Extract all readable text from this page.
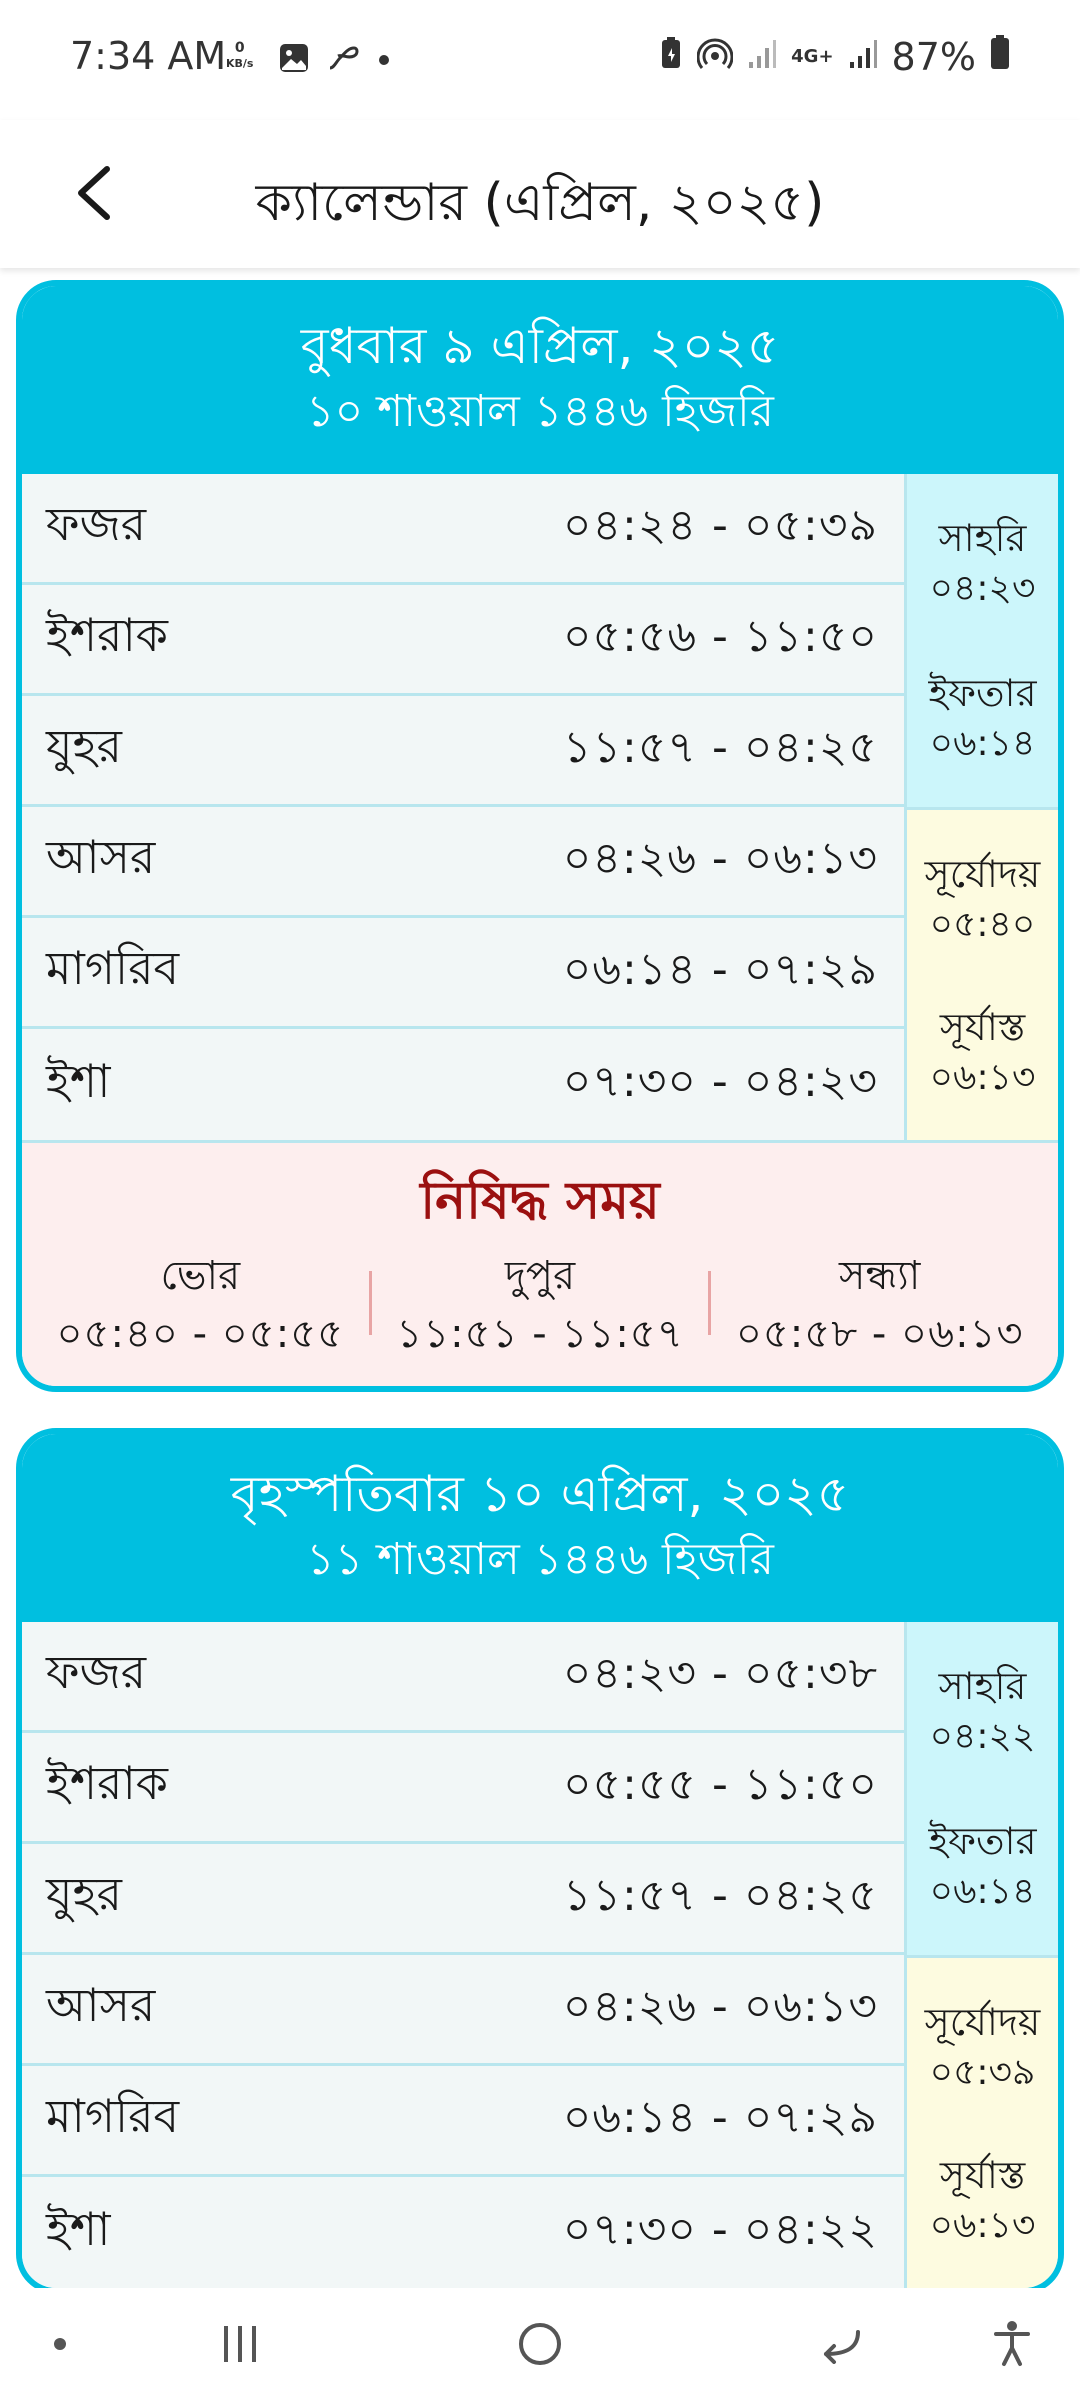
7:34 AM 0
KB/s	4G+ 87%
ক্যালেন্ডার (এপ্রিল, ২০২৫)
বুধবার ৯ এপ্রিল, ২০২৫
১০ শাওয়াল ১৪৪৬ হিজরি
ফজর	০৪:২৪ - ০৫:৩৯
ইশরাক	০৫:৫৬ - ১১:৫০
যুহর	১১:৫৭ - ০৪:২৫
আসর	০৪:২৬ - ০৬:১৩
মাগরিব	০৬:১৪ - ০৭:২৯
ইশা	০৭:৩০ - ০৪:২৩
সাহরি
০৪:২৩
ইফতার
০৬:১৪
সূর্যোদয়
০৫:৪০
সূর্যাস্ত
০৬:১৩
নিষিদ্ধ সময়
ভোর
০৫:৪০ - ০৫:৫৫
দুপুর
১১:৫১ - ১১:৫৭
সন্ধ্যা
০৫:৫৮ - ০৬:১৩
বৃহস্পতিবার ১০ এপ্রিল, ২০২৫
১১ শাওয়াল ১৪৪৬ হিজরি
ফজর	০৪:২৩ - ০৫:৩৮
ইশরাক	০৫:৫৫ - ১১:৫০
যুহর	১১:৫৭ - ০৪:২৫
আসর	০৪:২৬ - ০৬:১৩
মাগরিব	০৬:১৪ - ০৭:২৯
ইশা	০৭:৩০ - ০৪:২২
সাহরি
০৪:২২
ইফতার
০৬:১৪
সূর্যোদয়
০৫:৩৯
সূর্যাস্ত
০৬:১৩
